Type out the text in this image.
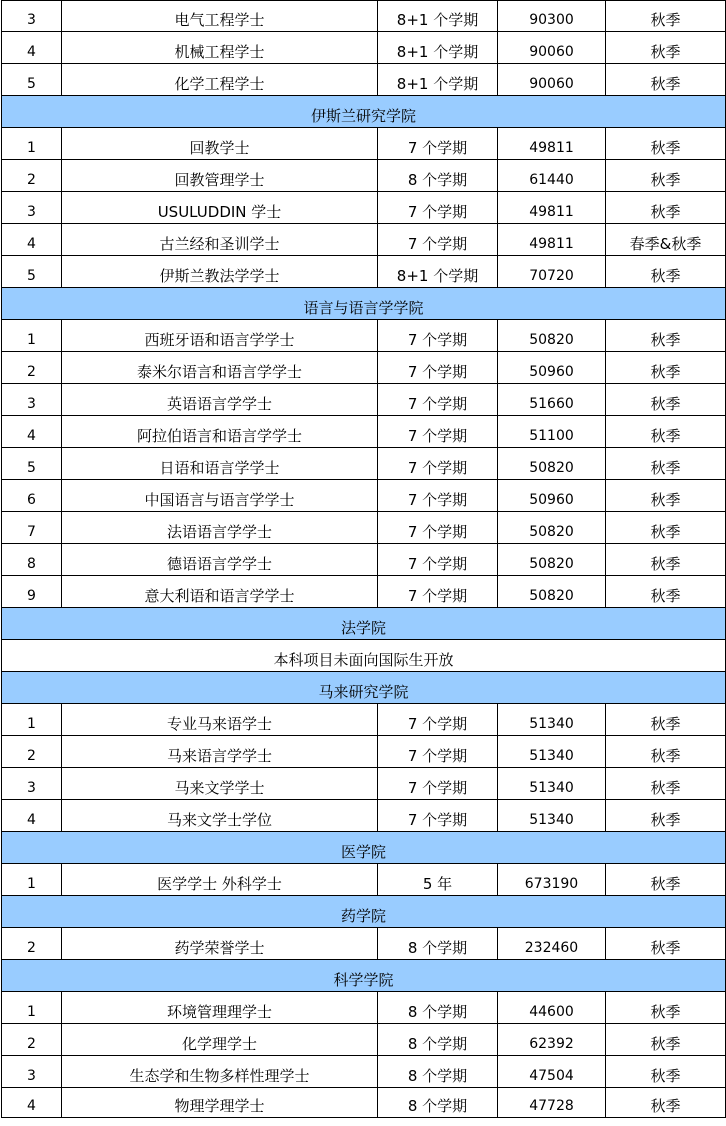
3	电气工程学士	8+1 个学期	90300	秋季
4	机械工程学士	8+1 个学期	90060	秋季
5	化学工程学士	8+1 个学期	90060	秋季
伊斯兰研究学院				
1	回教学士	7 个学期	49811	秋季
2	回教管理学士	8 个学期	61440	秋季
3	USULUDDIN 学士	7 个学期	49811	秋季
4	古兰经和圣训学士	7 个学期	49811	春季&秋季
5	伊斯兰教法学学士	8+1 个学期	70720	秋季
语言与语言学学院				
1	西班牙语和语言学学士	7 个学期	50820	秋季
2	泰米尔语言和语言学学士	7 个学期	50960	秋季
3	英语语言学学士	7 个学期	51660	秋季
4	阿拉伯语言和语言学学士	7 个学期	51100	秋季
5	日语和语言学学士	7 个学期	50820	秋季
6	中国语言与语言学学士	7 个学期	50960	秋季
7	法语语言学学士	7 个学期	50820	秋季
8	德语语言学学士	7 个学期	50820	秋季
9	意大利语和语言学学士	7 个学期	50820	秋季
法学院				
本科项目未面向国际生开放				
马来研究学院				
1	专业马来语学士	7 个学期	51340	秋季
2	马来语言学学士	7 个学期	51340	秋季
3	马来文学学士	7 个学期	51340	秋季
4	马来文学士学位	7 个学期	51340	秋季
医学院				
1	医学学士 外科学士	5 年	673190	秋季
药学院				
2	药学荣誉学士	8 个学期	232460	秋季
科学学院				
1	环境管理理学士	8 个学期	44600	秋季
2	化学理学士	8 个学期	62392	秋季
3	生态学和生物多样性理学士	8 个学期	47504	秋季
4	物理学理学士	8 个学期	47728	秋季
